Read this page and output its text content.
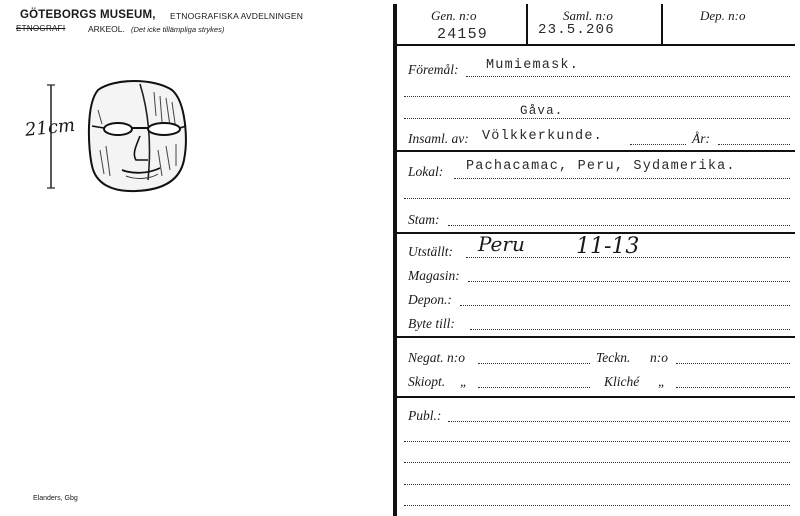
GÖTEBORGS MUSEUM, ETNOGRAFISKA AVDELNINGEN
ETNOGRAFI	ARKEOL. (Det icke tillämpliga strykes)
21cm
Elanders, Gbg
Gen. n:o
24159
Saml. n:o
23.5.206
Dep. n:o
Föremål: Mumiemask.
Gåva.
Insaml. av: Völkkerkunde.	År:
Lokal: Pachacamac, Peru, Sydamerika.
Stam:
Utställt: Peru 11-13
Magasin:
Depon.:
Byte till:
Negat. n:o	Teckn. n:o
Skiopt. „	Kliché „
Publ.:
